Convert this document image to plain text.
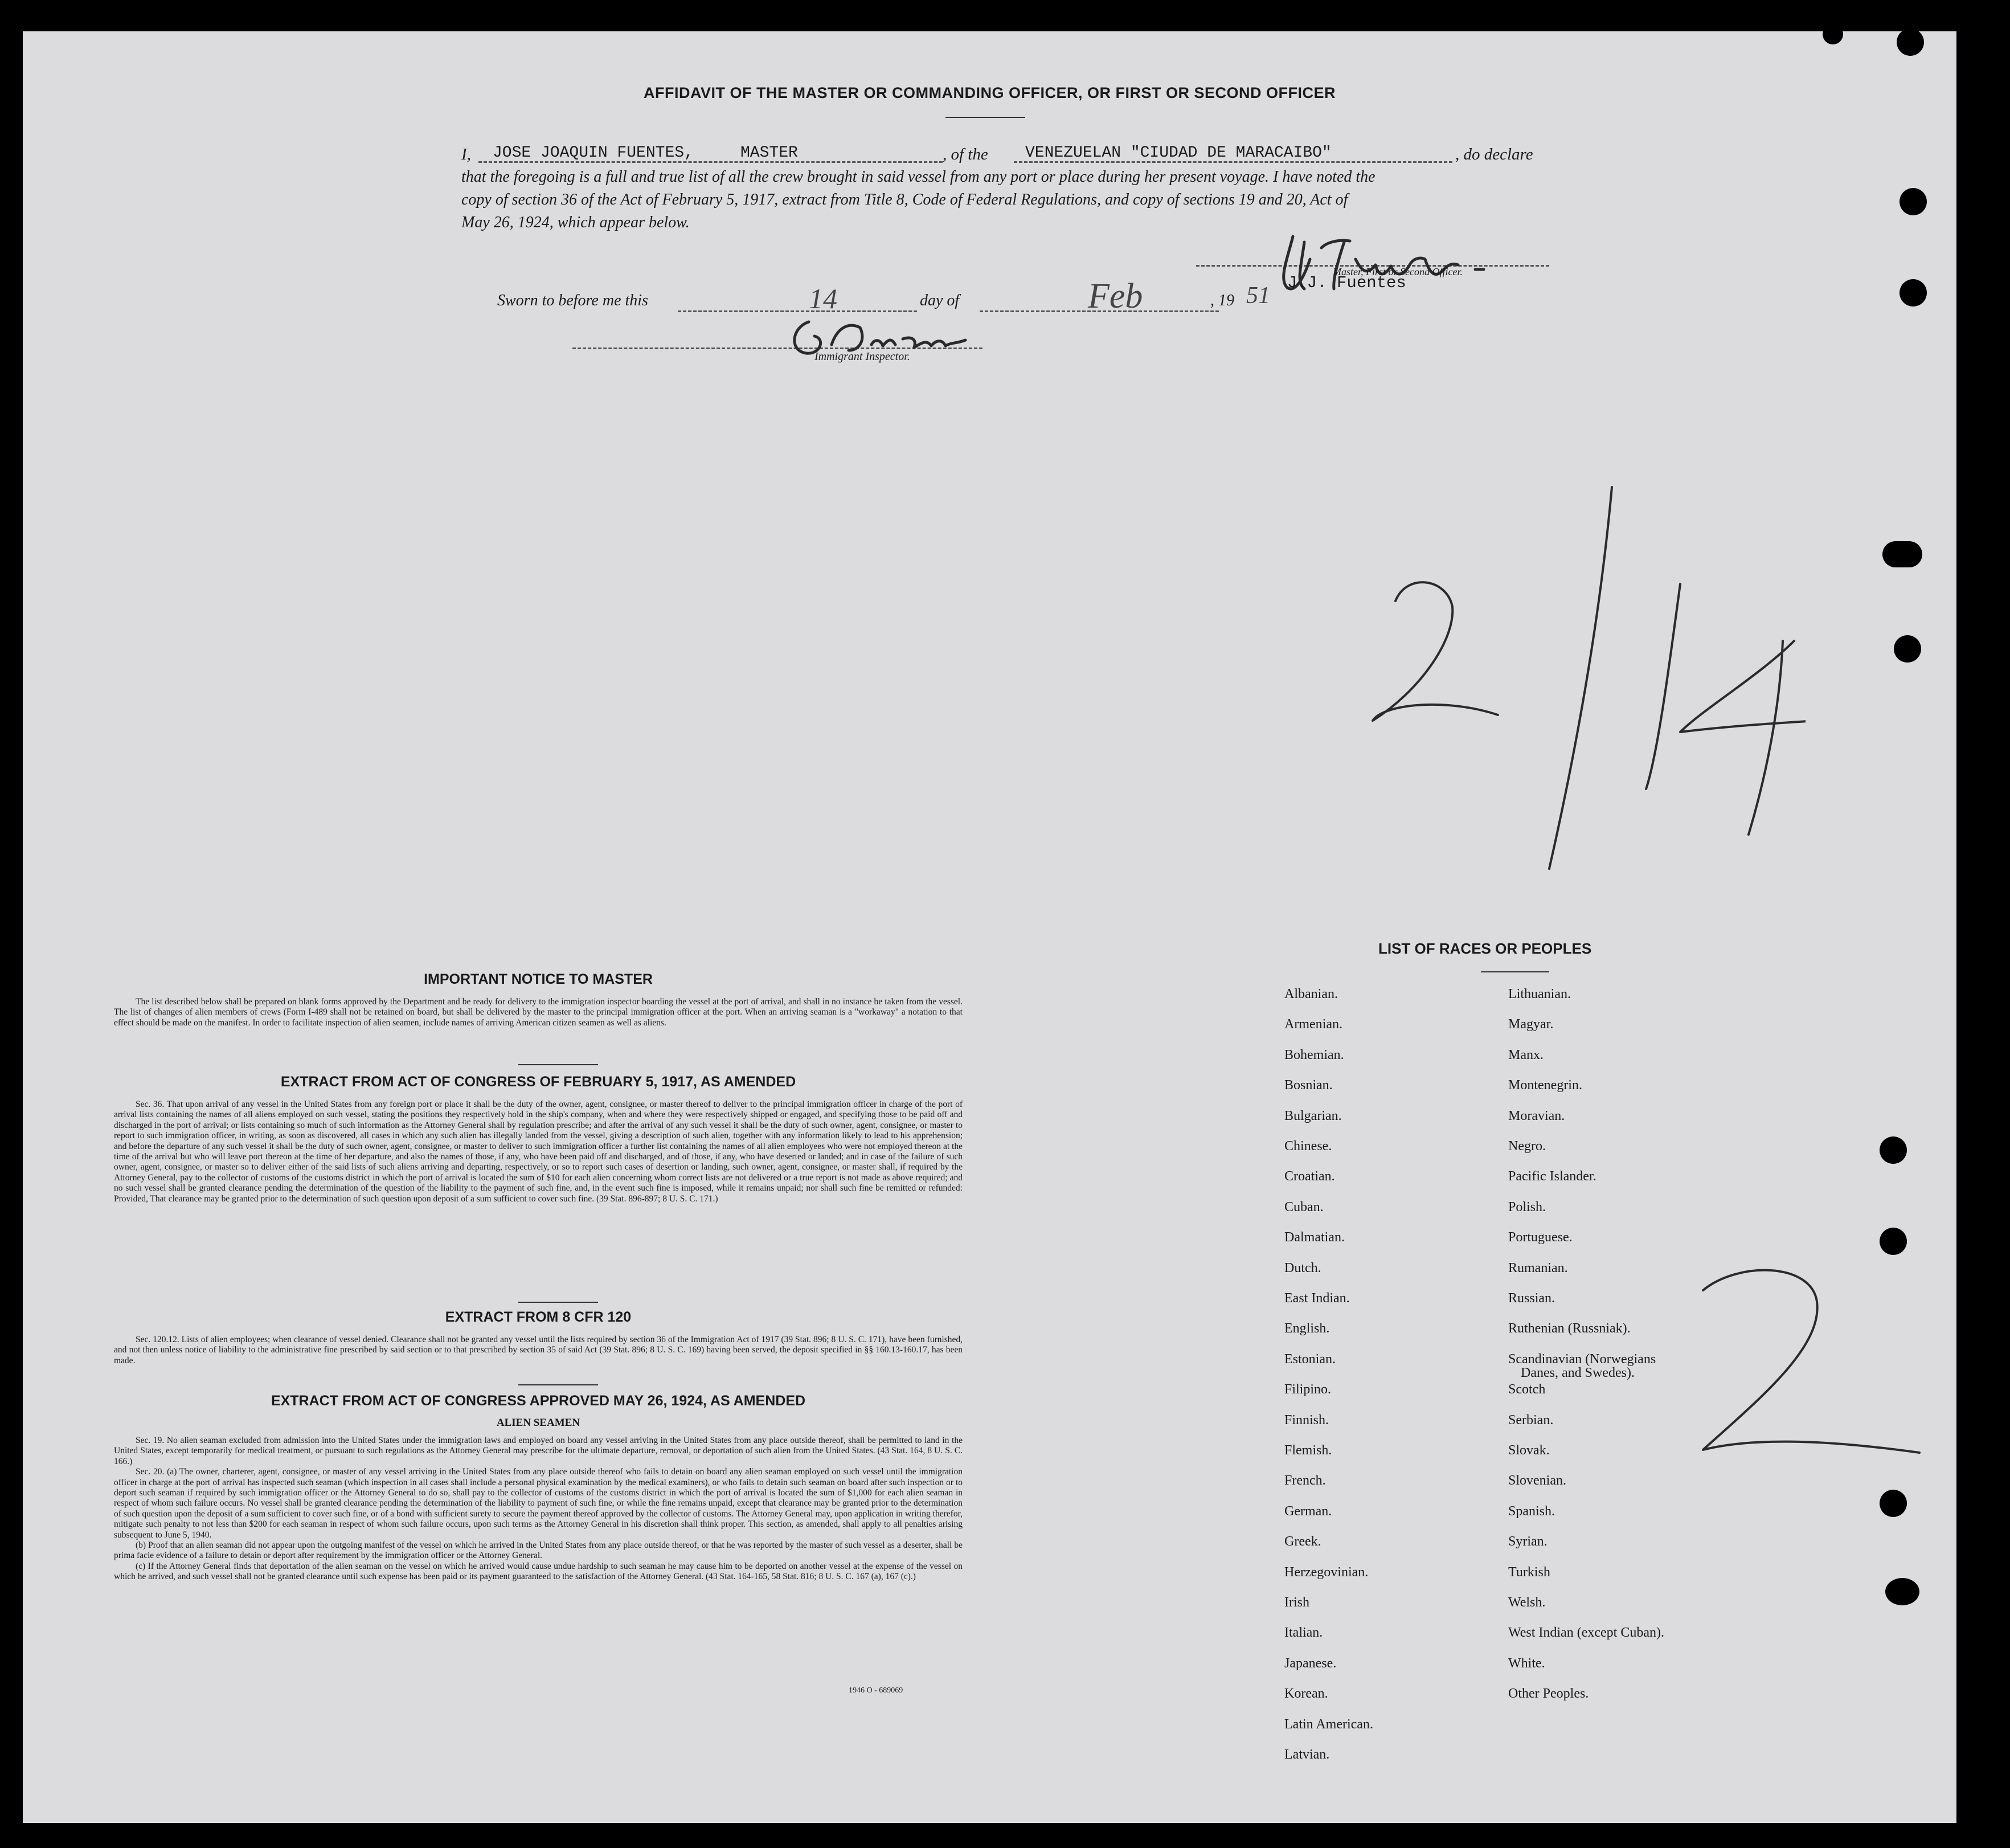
AFFIDAVIT OF THE MASTER OR COMMANDING OFFICER, OR FIRST OR SECOND OFFICER
I, JOSE JOAQUIN FUENTES,	MASTER	, of the VENEZUELAN "CIUDAD DE MARACAIBO"	, do declare
that the foregoing is a full and true list of all the crew brought in said vessel from any port or place during her present voyage. I have noted the
copy of section 36 of the Act of February 5, 1917, extract from Title 8, Code of Federal Regulations, and copy of sections 19 and 20, Act of
May 26, 1924, which appear below.
Master, First or Second Officer.
J.J. Fuentes
Sworn to before me this	14	day of	Feb	, 19 51
Immigrant Inspector.
IMPORTANT NOTICE TO MASTER

The list described below shall be prepared on blank forms approved by the Department and be ready for delivery to the immigration inspector boarding the vessel at the port of arrival, and shall in no instance be taken from the vessel. The list of changes of alien members of crews (Form I-489 shall not be retained on board, but shall be delivered by the master to the principal immigration officer at the port. When an arriving seaman is a "workaway" a notation to that effect should be made on the manifest. In order to facilitate inspection of alien seamen, include names of arriving American citizen seamen as well as aliens.

EXTRACT FROM ACT OF CONGRESS OF FEBRUARY 5, 1917, AS AMENDED

Sec. 36. That upon arrival of any vessel in the United States from any foreign port or place it shall be the duty of the owner, agent, consignee, or master thereof to deliver to the principal immigration officer in charge of the port of arrival lists containing the names of all aliens employed on such vessel, stating the positions they respectively hold in the ship's company, when and where they were respectively shipped or engaged, and specifying those to be paid off and discharged in the port of arrival; or lists containing so much of such information as the Attorney General shall by regulation prescribe; and after the arrival of any such vessel it shall be the duty of such owner, agent, consignee, or master to report to such immigration officer, in writing, as soon as discovered, all cases in which any such alien has illegally landed from the vessel, giving a description of such alien, together with any information likely to lead to his apprehension; and before the departure of any such vessel it shall be the duty of such owner, agent, consignee, or master to deliver to such immigration officer a further list containing the names of all alien employees who were not employed thereon at the time of the arrival but who will leave port thereon at the time of her departure, and also the names of those, if any, who have been paid off and discharged, and of those, if any, who have deserted or landed; and in case of the failure of such owner, agent, consignee, or master so to deliver either of the said lists of such aliens arriving and departing, respectively, or so to report such cases of desertion or landing, such owner, agent, consignee, or master shall, if required by the Attorney General, pay to the collector of customs of the customs district in which the port of arrival is located the sum of $10 for each alien concerning whom correct lists are not delivered or a true report is not made as above required; and no such vessel shall be granted clearance pending the determination of the question of the liability to the payment of such fine, and, in the event such fine is imposed, while it remains unpaid; nor shall such fine be remitted or refunded: Provided, That clearance may be granted prior to the determination of such question upon deposit of a sum sufficient to cover such fine. (39 Stat. 896-897; 8 U. S. C. 171.)

EXTRACT FROM 8 CFR 120

Sec. 120.12. Lists of alien employees; when clearance of vessel denied. Clearance shall not be granted any vessel until the lists required by section 36 of the Immigration Act of 1917 (39 Stat. 896; 8 U. S. C. 171), have been furnished, and not then unless notice of liability to the administrative fine prescribed by said section or to that prescribed by section 35 of said Act (39 Stat. 896; 8 U. S. C. 169) having been served, the deposit specified in §§ 160.13-160.17, has been made.

EXTRACT FROM ACT OF CONGRESS APPROVED MAY 26, 1924, AS AMENDED
ALIEN SEAMEN

Sec. 19. No alien seaman excluded from admission into the United States under the immigration laws and employed on board any vessel arriving in the United States from any place outside thereof, shall be permitted to land in the United States, except temporarily for medical treatment, or pursuant to such regulations as the Attorney General may prescribe for the ultimate departure, removal, or deportation of such alien from the United States. (43 Stat. 164, 8 U. S. C. 166.)

Sec. 20. (a) The owner, charterer, agent, consignee, or master of any vessel arriving in the United States from any place outside thereof who fails to detain on board any alien seaman employed on such vessel until the immigration officer in charge at the port of arrival has inspected such seaman (which inspection in all cases shall include a personal physical examination by the medical examiners), or who fails to detain such seaman on board after such inspection or to deport such seaman if required by such immigration officer or the Attorney General to do so, shall pay to the collector of customs of the customs district in which the port of arrival is located the sum of $1,000 for each alien seaman in respect of whom such failure occurs. No vessel shall be granted clearance pending the determination of the liability to payment of such fine, or while the fine remains unpaid, except that clearance may be granted prior to the determination of such question upon the deposit of a sum sufficient to cover such fine, or of a bond with sufficient surety to secure the payment thereof approved by the collector of customs. The Attorney General may, upon application in writing therefor, mitigate such penalty to not less than $200 for each seaman in respect of whom such failure occurs, upon such terms as the Attorney General in his discretion shall think proper. This section, as amended, shall apply to all penalties arising subsequent to June 5, 1940.

(b) Proof that an alien seaman did not appear upon the outgoing manifest of the vessel on which he arrived in the United States from any place outside thereof, or that he was reported by the master of such vessel as a deserter, shall be prima facie evidence of a failure to detain or deport after requirement by the immigration officer or the Attorney General.

(c) If the Attorney General finds that deportation of the alien seaman on the vessel on which he arrived would cause undue hardship to such seaman he may cause him to be deported on another vessel at the expense of the vessel on which he arrived, and such vessel shall not be granted clearance until such expense has been paid or its payment guaranteed to the satisfaction of the Attorney General. (43 Stat. 164-165, 58 Stat. 816; 8 U. S. C. 167 (a), 167 (c).)

1946 O - 689069
LIST OF RACES OR PEOPLES
Albanian.
Armenian.
Bohemian.
Bosnian.
Bulgarian.
Chinese.
Croatian.
Cuban.
Dalmatian.
Dutch.
East Indian.
English.
Estonian.
Filipino.
Finnish.
Flemish.
French.
German.
Greek.
Herzegovinian.
Irish
Italian.
Japanese.
Korean.
Latin American.
Latvian.
Lithuanian.
Magyar.
Manx.
Montenegrin.
Moravian.
Negro.
Pacific Islander.
Polish.
Portuguese.
Rumanian.
Russian.
Ruthenian (Russniak).
Scandinavian (Norwegians
Danes, and Swedes).
Scotch
Serbian.
Slovak.
Slovenian.
Spanish.
Syrian.
Turkish
Welsh.
West Indian (except Cuban).
White.
Other Peoples.
